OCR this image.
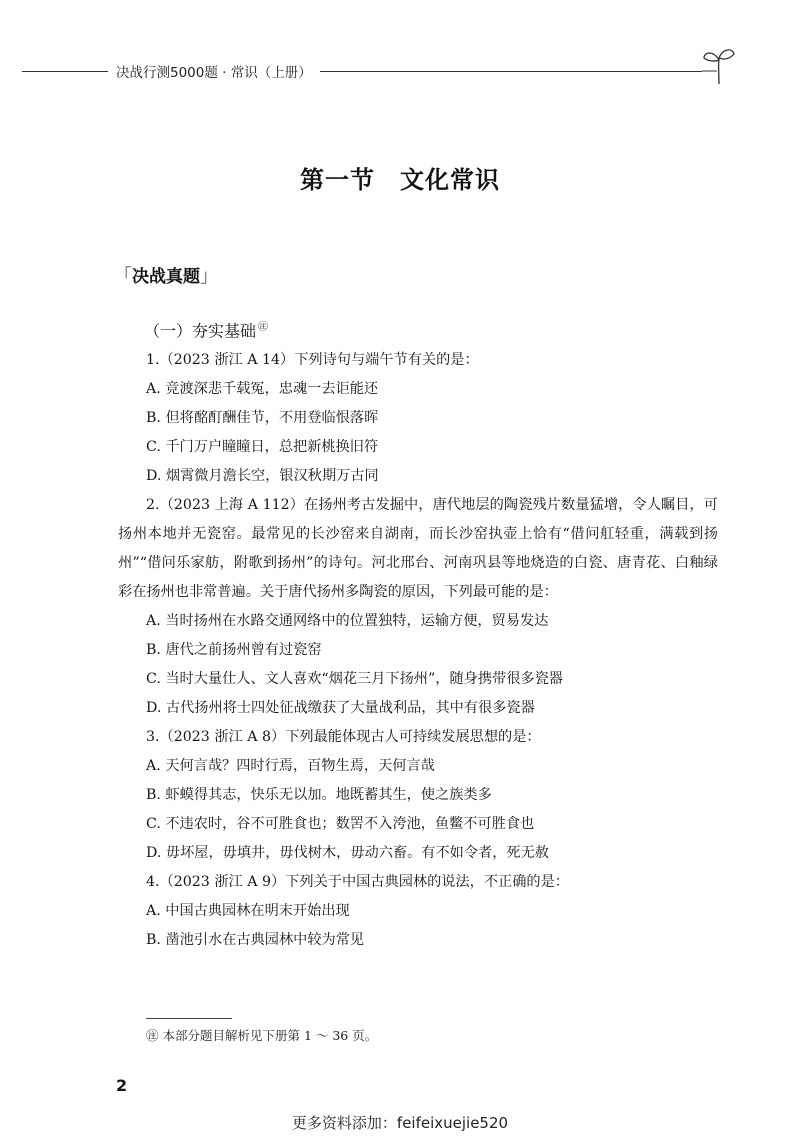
决战行测5000题 · 常识（上册）
第一节　文化常识
「决战真题」
（一）夯实基础 ㊟
1.（2023 浙江 A 14）下列诗句与端午节有关的是：
A. 竞渡深悲千载冤，忠魂一去讵能还
B. 但将酩酊酬佳节，不用登临恨落晖
C. 千门万户瞳瞳日，总把新桃换旧符
D. 烟霄微月澹长空，银汉秋期万古同
2.（2023 上海 A 112）在扬州考古发掘中，唐代地层的陶瓷残片数量猛增，令人瞩目，可扬州本地并无瓷窑。最常见的长沙窑来自湖南，而长沙窑执壶上恰有“借问舡轻重，满载到扬州”“借问乐家舫，附歌到扬州”的诗句。河北邢台、河南巩县等地烧造的白瓷、唐青花、白釉绿彩在扬州也非常普遍。关于唐代扬州多陶瓷的原因，下列最可能的是：
A. 当时扬州在水路交通网络中的位置独特，运输方便，贸易发达
B. 唐代之前扬州曾有过瓷窑
C. 当时大量仕人、文人喜欢“烟花三月下扬州”，随身携带很多瓷器
D. 古代扬州将士四处征战缴获了大量战利品，其中有很多瓷器
3.（2023 浙江 A 8）下列最能体现古人可持续发展思想的是：
A. 天何言哉？四时行焉，百物生焉，天何言哉
B. 虾蟆得其志，快乐无以加。地既蓄其生，使之族类多
C. 不违农时，谷不可胜食也；数罟不入洿池，鱼鳖不可胜食也
D. 毋坏屋，毋填井，毋伐树木，毋动六畜。有不如令者，死无赦
4.（2023 浙江 A 9）下列关于中国古典园林的说法，不正确的是：
A. 中国古典园林在明末开始出现
B. 凿池引水在古典园林中较为常见
㊟ 本部分题目解析见下册第 1 ～ 36 页。
2
更多资料添加：feifeixuejie520
